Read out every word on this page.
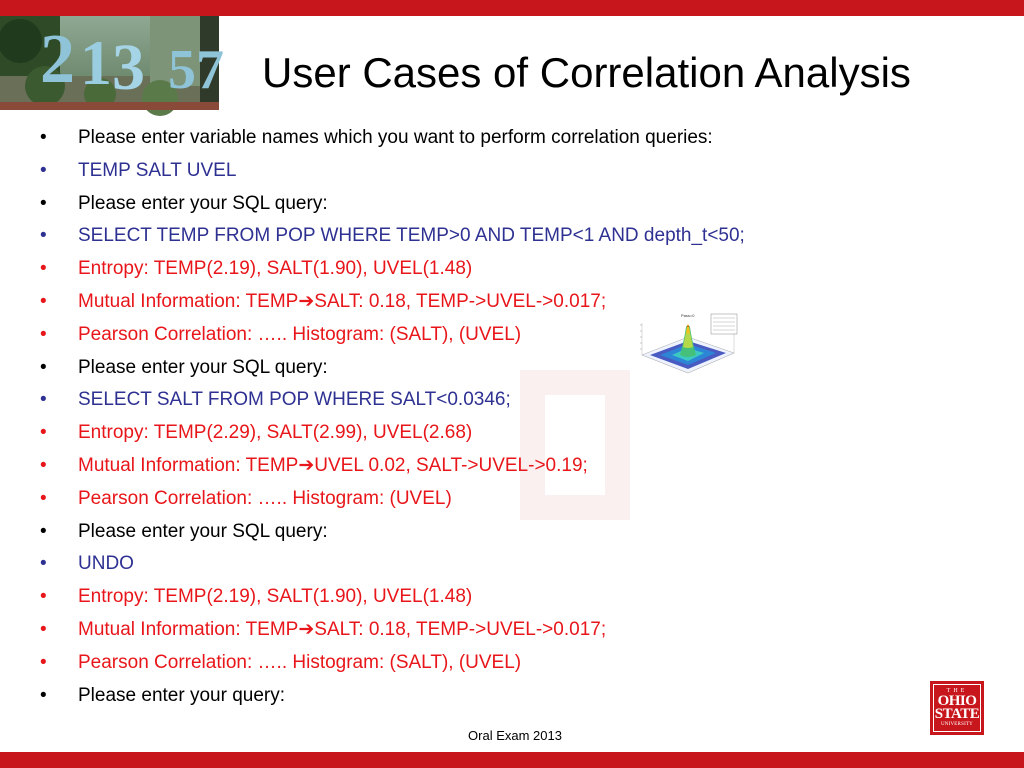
2 1 3 5 7 User Cases of Correlation Analysis
• Please enter variable names which you want to perform correlation queries:
• TEMP SALT UVEL
• Please enter your SQL query:
• SELECT TEMP FROM POP WHERE TEMP>0 AND TEMP<1 AND depth_t<50;
• Entropy: TEMP(2.19), SALT(1.90), UVEL(1.48)
• Mutual Information: TEMP➔SALT: 0.18, TEMP->UVEL->0.017;
• Pearson Correlation: ….. Histogram: (SALT), (UVEL)
• Please enter your SQL query:
• SELECT SALT FROM POP WHERE SALT<0.0346;
• Entropy: TEMP(2.29), SALT(2.99), UVEL(2.68)
• Mutual Information: TEMP➔UVEL 0.02, SALT->UVEL->0.19;
• Pearson Correlation: ….. Histogram: (UVEL)
• Please enter your SQL query:
• UNDO
• Entropy: TEMP(2.19), SALT(1.90), UVEL(1.48)
• Mutual Information: TEMP➔SALT: 0.18, TEMP->UVEL->0.017;
• Pearson Correlation: ….. Histogram: (SALT), (UVEL)
• Please enter your query:
Pass=0
Oral Exam 2013
THE
OHIO
STATE
UNIVERSITY
